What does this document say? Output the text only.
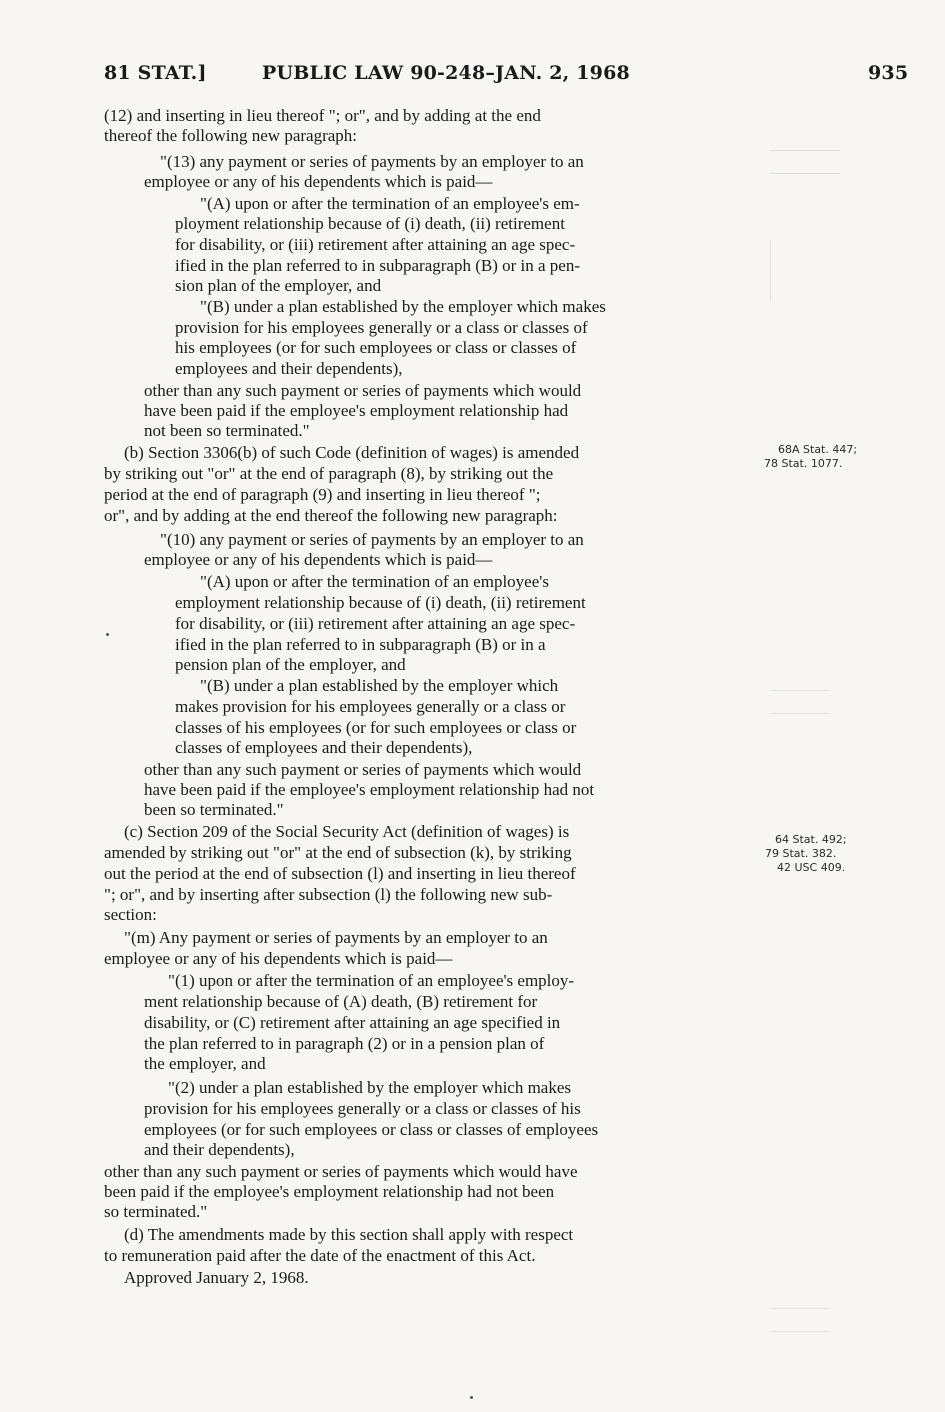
81 STAT.]	PUBLIC LAW 90-248–JAN. 2, 1968	935
(12) and inserting in lieu thereof "; or", and by adding at the end
thereof the following new paragraph:
"(13) any payment or series of payments by an employer to an
employee or any of his dependents which is paid—
"(A) upon or after the termination of an employee's em-
ployment relationship because of (i) death, (ii) retirement
for disability, or (iii) retirement after attaining an age spec-
ified in the plan referred to in subparagraph (B) or in a pen-
sion plan of the employer, and
"(B) under a plan established by the employer which makes
provision for his employees generally or a class or classes of
his employees (or for such employees or class or classes of
employees and their dependents),
other than any such payment or series of payments which would
have been paid if the employee's employment relationship had
not been so terminated."
(b) Section 3306(b) of such Code (definition of wages) is amended
by striking out "or" at the end of paragraph (8), by striking out the
period at the end of paragraph (9) and inserting in lieu thereof ";
or", and by adding at the end thereof the following new paragraph:
"(10) any payment or series of payments by an employer to an
employee or any of his dependents which is paid—
"(A) upon or after the termination of an employee's
employment relationship because of (i) death, (ii) retirement
for disability, or (iii) retirement after attaining an age spec-
ified in the plan referred to in subparagraph (B) or in a
pension plan of the employer, and
"(B) under a plan established by the employer which
makes provision for his employees generally or a class or
classes of his employees (or for such employees or class or
classes of employees and their dependents),
other than any such payment or series of payments which would
have been paid if the employee's employment relationship had not
been so terminated."
(c) Section 209 of the Social Security Act (definition of wages) is
amended by striking out "or" at the end of subsection (k), by striking
out the period at the end of subsection (l) and inserting in lieu thereof
"; or", and by inserting after subsection (l) the following new sub-
section:
"(m) Any payment or series of payments by an employer to an
employee or any of his dependents which is paid—
"(1) upon or after the termination of an employee's employ-
ment relationship because of (A) death, (B) retirement for
disability, or (C) retirement after attaining an age specified in
the plan referred to in paragraph (2) or in a pension plan of
the employer, and
"(2) under a plan established by the employer which makes
provision for his employees generally or a class or classes of his
employees (or for such employees or class or classes of employees
and their dependents),
other than any such payment or series of payments which would have
been paid if the employee's employment relationship had not been
so terminated."
(d) The amendments made by this section shall apply with respect
to remuneration paid after the date of the enactment of this Act.
Approved January 2, 1968.
68A Stat. 447;
78 Stat. 1077.
64 Stat. 492;
79 Stat. 382.
42 USC 409.
